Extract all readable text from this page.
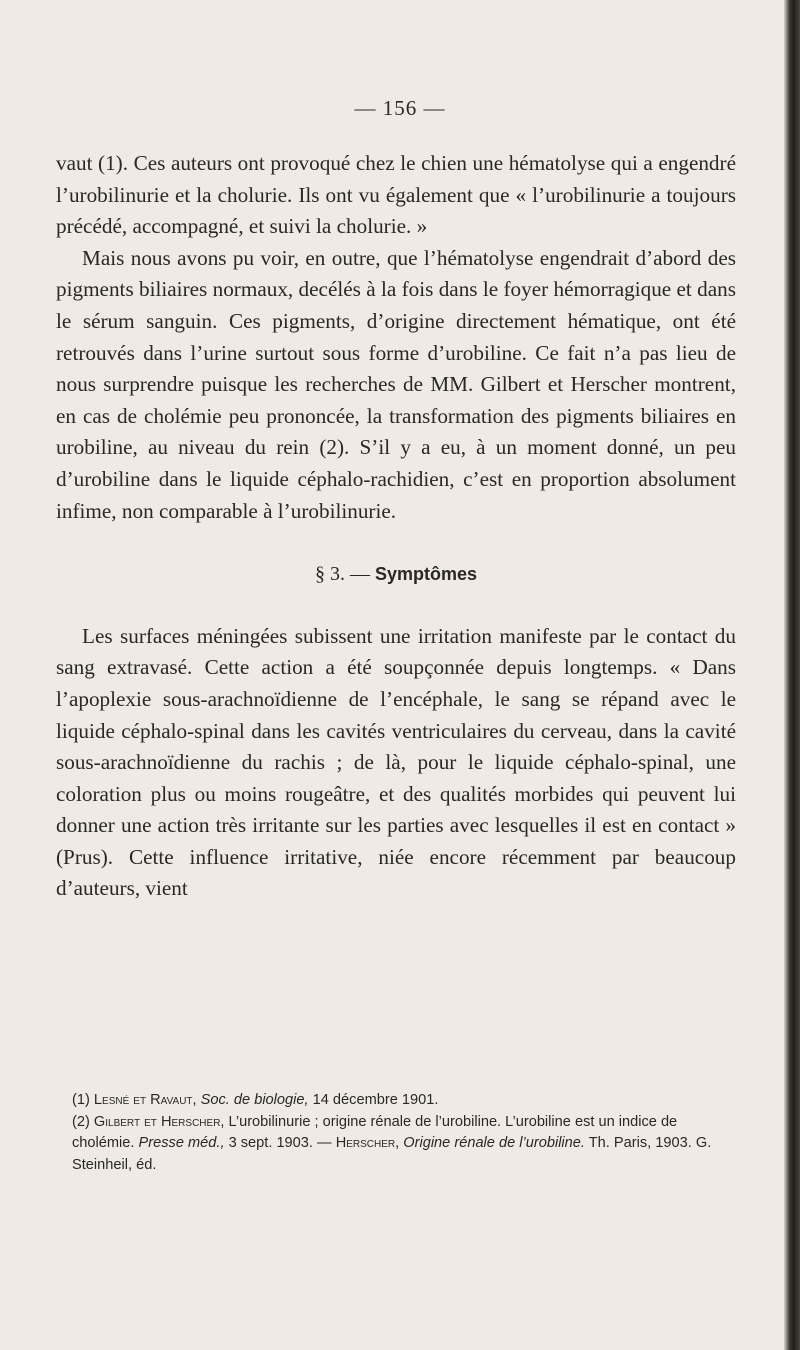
— 156 —

vaut (1). Ces auteurs ont provoqué chez le chien une hématolyse qui a engendré l’urobilinurie et la cholurie. Ils ont vu également que « l’urobilinurie a toujours précédé, accompagné, et suivi la cholurie. »

Mais nous avons pu voir, en outre, que l’hématolyse engendrait d’abord des pigments biliaires normaux, decélés à la fois dans le foyer hémorragique et dans le sérum sanguin. Ces pigments, d’origine directement hématique, ont été retrouvés dans l’urine surtout sous forme d’urobiline. Ce fait n’a pas lieu de nous surprendre puisque les recherches de MM. Gilbert et Herscher montrent, en cas de cholémie peu prononcée, la transformation des pigments biliaires en urobiline, au niveau du rein (2). S’il y a eu, à un moment donné, un peu d’urobiline dans le liquide céphalo-rachidien, c’est en proportion absolument infime, non comparable à l’urobilinurie.

§ 3. — Symptômes

Les surfaces méningées subissent une irritation manifeste par le contact du sang extravasé. Cette action a été soupçonnée depuis longtemps. « Dans l’apoplexie sous-arachnoïdienne de l’encéphale, le sang se répand avec le liquide céphalo-spinal dans les cavités ventriculaires du cerveau, dans la cavité sous-arachnoïdienne du rachis ; de là, pour le liquide céphalo-spinal, une coloration plus ou moins rougeâtre, et des qualités morbides qui peuvent lui donner une action très irritante sur les parties avec lesquelles il est en contact » (Prus). Cette influence irritative, niée encore récemment par beaucoup d’auteurs, vient

(1) Lesné et Ravaut, Soc. de biologie, 14 décembre 1901.

(2) Gilbert et Herscher, L’urobilinurie ; origine rénale de l’urobiline. L’urobiline est un indice de cholémie. Presse méd., 3 sept. 1903. — Herscher, Origine rénale de l’urobiline. Th. Paris, 1903. G. Steinheil, éd.
